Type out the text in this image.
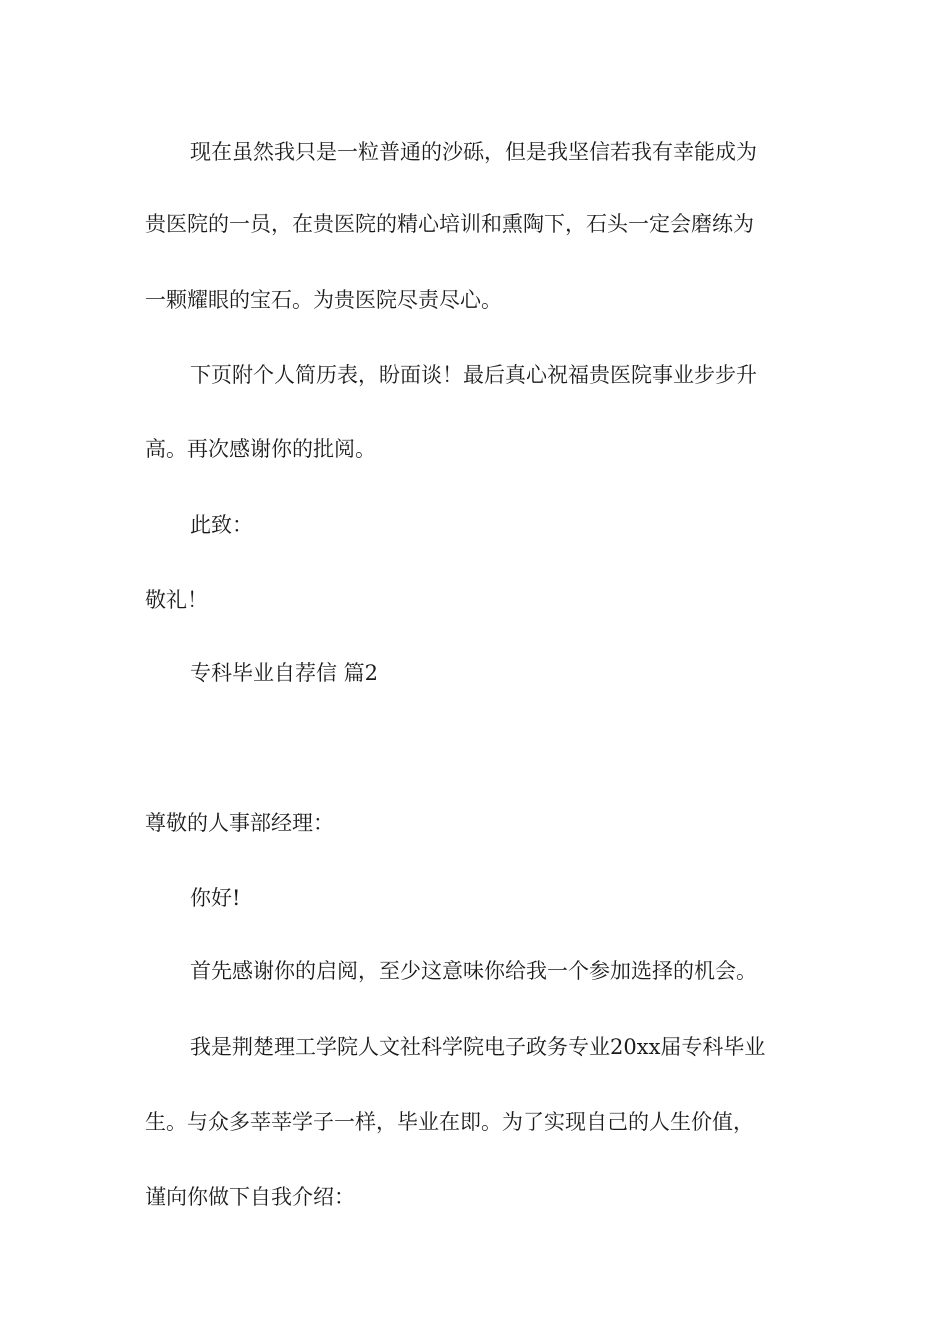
现在虽然我只是一粒普通的沙砾，但是我坚信若我有幸能成为
贵医院的一员，在贵医院的精心培训和熏陶下，石头一定会磨练为
一颗耀眼的宝石。为贵医院尽责尽心。
下页附个人简历表，盼面谈！最后真心祝福贵医院事业步步升
高。再次感谢你的批阅。
此致：
敬礼！
专科毕业自荐信 篇2
尊敬的人事部经理：
你好!
首先感谢你的启阅，至少这意味你给我一个参加选择的机会。
我是荆楚理工学院人文社科学院电子政务专业20xx届专科毕业
生。与众多莘莘学子一样，毕业在即。为了实现自己的人生价值，
谨向你做下自我介绍：
